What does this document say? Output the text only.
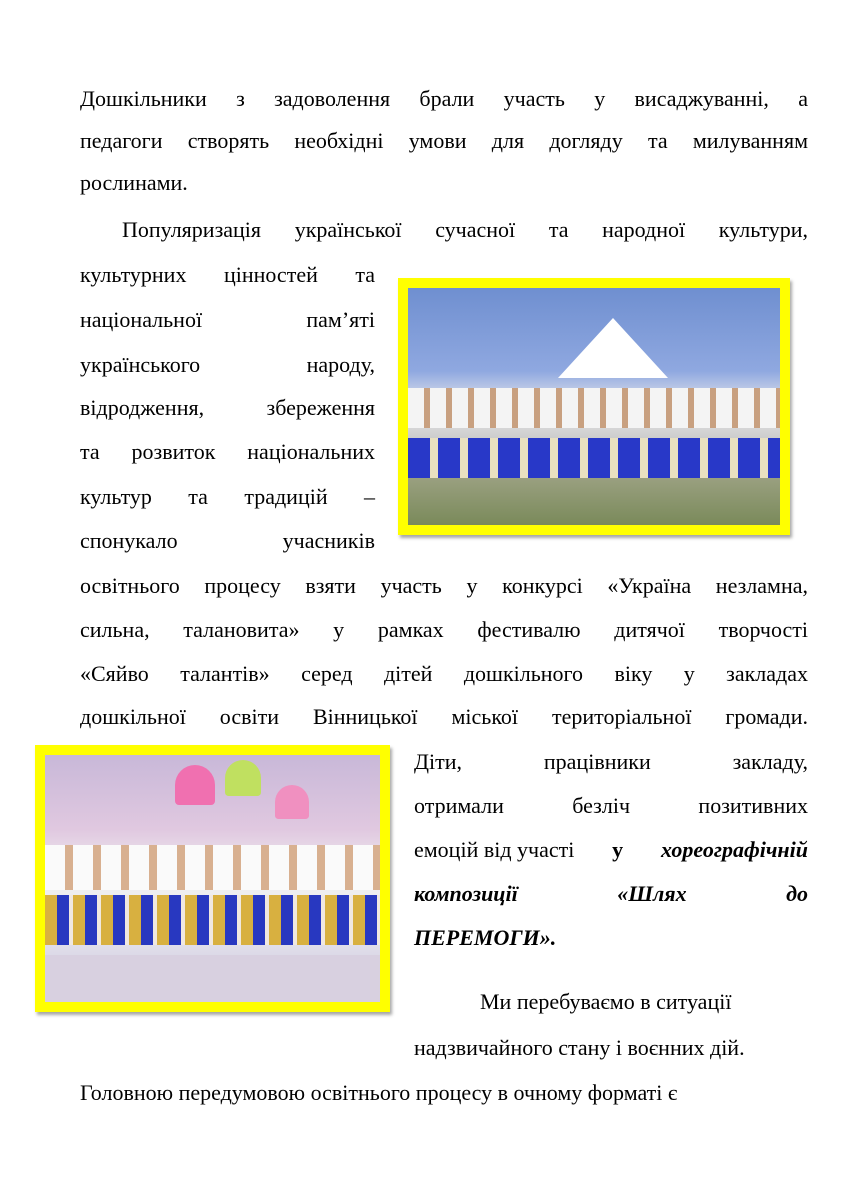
Дошкільники з задоволення брали участь у висаджуванні, а
педагоги створять необхідні умови для догляду та милуванням
рослинами.
Популяризація української сучасної та народної культури,
культурних цінностей та
національної пам’яті
українського народу,
відродження, збереження
та розвиток національних
культур та традицій –
спонукало учасників
освітнього процесу взяти участь у конкурсі «Україна незламна,
сильна, талановита» у рамках фестивалю дитячої творчості
«Сяйво талантів» серед дітей дошкільного віку у закладах
дошкільної освіти Вінницької міської територіальної громади.
Діти, працівники закладу,
отримали безліч позитивних
емоцій від участі у хореографічній
композиції «Шлях до
ПЕРЕМОГИ».
Ми перебуваємо в ситуації
надзвичайного стану і воєнних дій.
Головною передумовою освітнього процесу в очному форматі є
